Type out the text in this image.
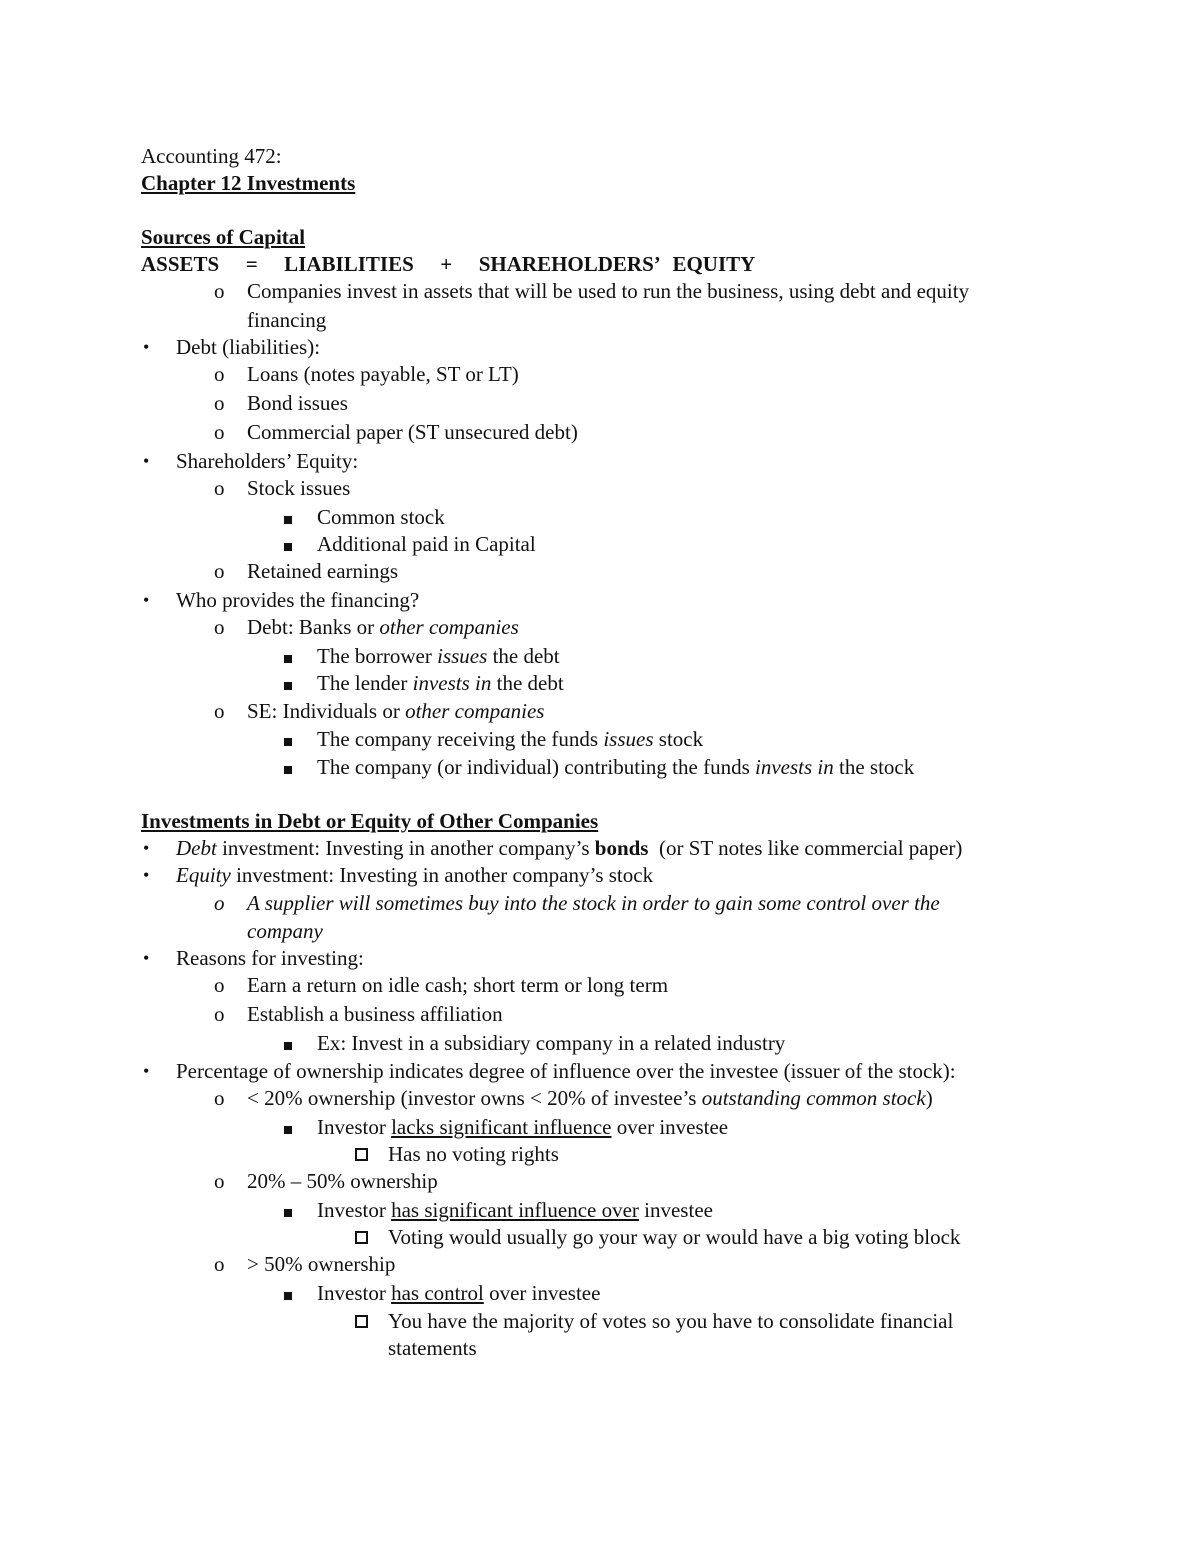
Accounting 472:
Chapter 12 Investments
Sources of Capital
ASSETS  =  LIABILITIES  +  SHAREHOLDERS’ EQUITY
o Companies invest in assets that will be used to run the business, using debt and equity
financing
• Debt (liabilities):
o Loans (notes payable, ST or LT)
o Bond issues
o Commercial paper (ST unsecured debt)
• Shareholders’ Equity:
o Stock issues
Common stock
Additional paid in Capital
o Retained earnings
• Who provides the financing?
o Debt: Banks or other companies
The borrower issues the debt
The lender invests in the debt
o SE: Individuals or other companies
The company receiving the funds issues stock
The company (or individual) contributing the funds invests in the stock
Investments in Debt or Equity of Other Companies
• Debt investment: Investing in another company’s bonds  (or ST notes like commercial paper)
• Equity investment: Investing in another company’s stock
o A supplier will sometimes buy into the stock in order to gain some control over the
company
• Reasons for investing:
o Earn a return on idle cash; short term or long term
o Establish a business affiliation
Ex: Invest in a subsidiary company in a related industry
• Percentage of ownership indicates degree of influence over the investee (issuer of the stock):
o < 20% ownership (investor owns < 20% of investee’s outstanding common stock)
Investor lacks significant influence over investee
Has no voting rights
o 20% – 50% ownership
Investor has significant influence over investee
Voting would usually go your way or would have a big voting block
o > 50% ownership
Investor has control over investee
You have the majority of votes so you have to consolidate financial
statements
